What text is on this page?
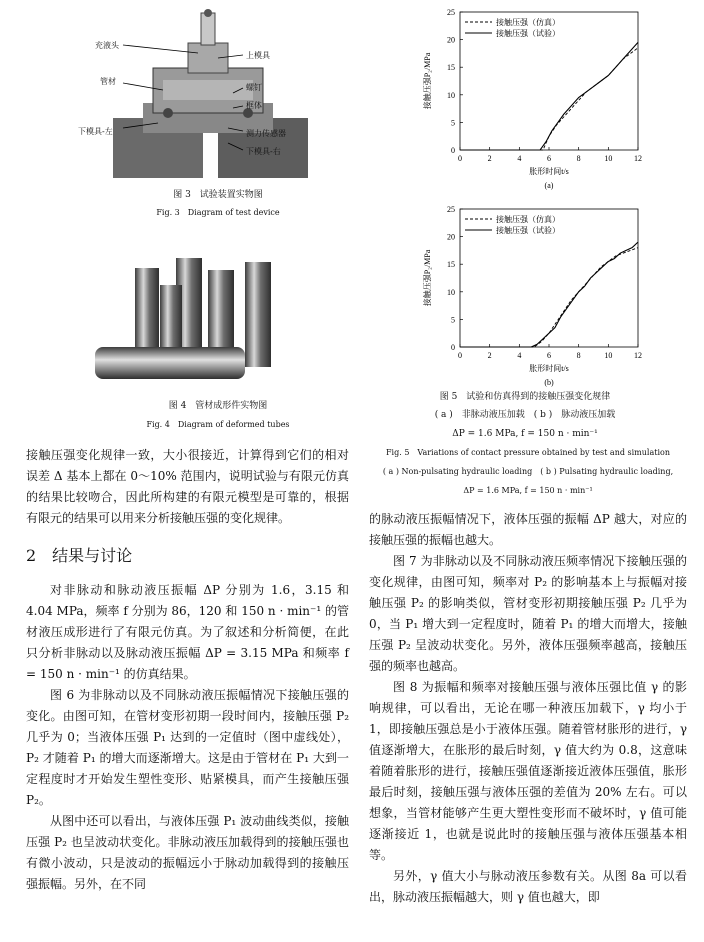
充液头
上模具
管材
螺钉
框体
下模具-左	测力传感器
下模具-右
图 3　试验装置实物图
Fig. 3　Diagram of test device
图 4　管材成形件实物图
Fig. 4　Diagram of deformed tubes
0	2	4	6	8	10	12
0
5
10
15
20
25
胀形时间t/s
接触压强P₂/MPa
(a)
接触压强（仿真）
接触压强（试验）
0	2	4	6	8	10	12
0
5
10
15
20
25
胀形时间t/s
接触压强P₂/MPa
(b)
接触压强（仿真）
接触压强（试验）
图 5　试验和仿真得到的接触压强变化规律
( a )　非脉动液压加载　( b )　脉动液压加载
ΔP = 1.6 MPa, f = 150 n · min⁻¹
Fig. 5　Variations of contact pressure obtained by test and simulation
( a ) Non-pulsating hydraulic loading　( b ) Pulsating hydraulic loading,
ΔP = 1.6 MPa, f = 150 n · min⁻¹

接触压强变化规律一致，大小很接近，计算得到它们的相对误差 Δ 基本上都在 0～10% 范围内，说明试验与有限元仿真的结果比较吻合，因此所构建的有限元模型是可靠的，根据有限元的结果可以用来分析接触压强的变化规律。

2　结果与讨论

对非脉动和脉动液压振幅 ΔP 分别为 1.6，3.15 和 4.04 MPa，频率 f 分别为 86，120 和 150 n · min⁻¹ 的管材液压成形进行了有限元仿真。为了叙述和分析简便，在此只分析非脉动以及脉动液压振幅 ΔP = 3.15 MPa 和频率 f = 150 n · min⁻¹ 的仿真结果。

图 6 为非脉动以及不同脉动液压振幅情况下接触压强的变化。由图可知，在管材变形初期一段时间内，接触压强 P₂ 几乎为 0；当液体压强 P₁ 达到的一定值时（图中虚线处），P₂ 才随着 P₁ 的增大而逐渐增大。这是由于管材在 P₁ 大到一定程度时才开始发生塑性变形、贴紧模具，而产生接触压强 P₂。

从图中还可以看出，与液体压强 P₁ 波动曲线类似，接触压强 P₂ 也呈波动状变化。非脉动液压加载得到的接触压强也有微小波动，只是波动的振幅远小于脉动加载得到的接触压强振幅。另外，在不同

的脉动液压振幅情况下，液体压强的振幅 ΔP 越大，对应的接触压强的振幅也越大。

图 7 为非脉动以及不同脉动液压频率情况下接触压强的变化规律，由图可知，频率对 P₂ 的影响基本上与振幅对接触压强 P₂ 的影响类似，管材变形初期接触压强 P₂ 几乎为 0，当 P₁ 增大到一定程度时，随着 P₁ 的增大而增大，接触压强 P₂ 呈波动状变化。另外，液体压强频率越高，接触压强的频率也越高。

图 8 为振幅和频率对接触压强与液体压强比值 γ 的影响规律，可以看出，无论在哪一种液压加载下，γ 均小于 1，即接触压强总是小于液体压强。随着管材胀形的进行，γ 值逐渐增大，在胀形的最后时刻，γ 值大约为 0.8，这意味着随着胀形的进行，接触压强值逐渐接近液体压强值，胀形最后时刻，接触压强与液体压强的差值为 20% 左右。可以想象，当管材能够产生更大塑性变形而不破坏时，γ 值可能逐渐接近 1，也就是说此时的接触压强与液体压强基本相等。

另外，γ 值大小与脉动液压参数有关。从图 8a 可以看出，脉动液压振幅越大，则 γ 值也越大，即
